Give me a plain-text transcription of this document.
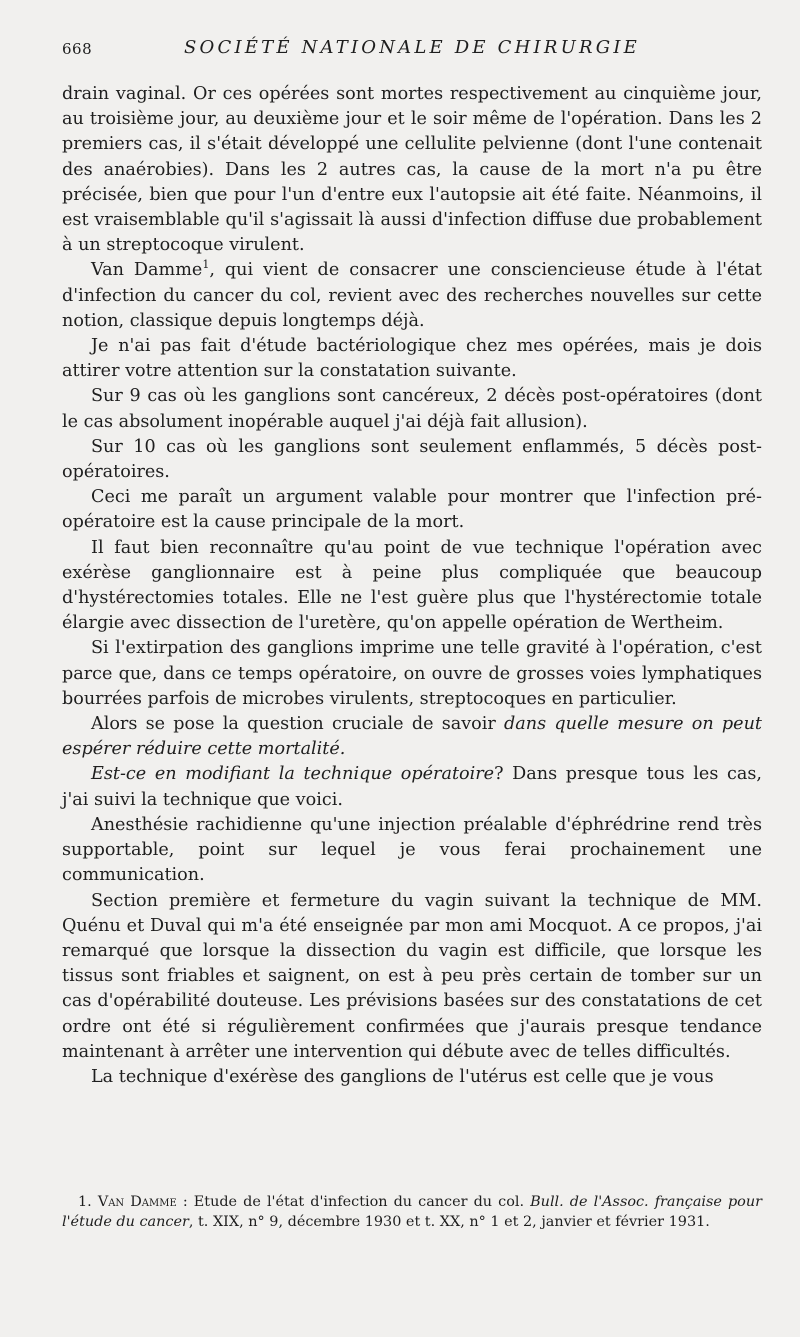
668	SOCIÉTÉ NATIONALE DE CHIRURGIE

drain vaginal. Or ces opérées sont mortes respectivement au cinquième jour, au troisième jour, au deuxième jour et le soir même de l'opération. Dans les 2 premiers cas, il s'était développé une cellulite pelvienne (dont l'une contenait des anaérobies). Dans les 2 autres cas, la cause de la mort n'a pu être précisée, bien que pour l'un d'entre eux l'autopsie ait été faite. Néanmoins, il est vraisemblable qu'il s'agissait là aussi d'infection diffuse due probablement à un streptocoque virulent.

Van Damme$^1$, qui vient de consacrer une consciencieuse étude à l'état d'infection du cancer du col, revient avec des recherches nouvelles sur cette notion, classique depuis longtemps déjà.

Je n'ai pas fait d'étude bactériologique chez mes opérées, mais je dois attirer votre attention sur la constatation suivante.

Sur 9 cas où les ganglions sont cancéreux, 2 décès post-opératoires (dont le cas absolument inopérable auquel j'ai déjà fait allusion).

Sur 10 cas où les ganglions sont seulement enflammés, 5 décès post-opératoires.

Ceci me paraît un argument valable pour montrer que l'infection pré-opératoire est la cause principale de la mort.

Il faut bien reconnaître qu'au point de vue technique l'opération avec exérèse ganglionnaire est à peine plus compliquée que beaucoup d'hystérectomies totales. Elle ne l'est guère plus que l'hystérectomie totale élargie avec dissection de l'uretère, qu'on appelle opération de Wertheim.

Si l'extirpation des ganglions imprime une telle gravité à l'opération, c'est parce que, dans ce temps opératoire, on ouvre de grosses voies lymphatiques bourrées parfois de microbes virulents, streptocoques en particulier.

Alors se pose la question cruciale de savoir dans quelle mesure on peut espérer réduire cette mortalité.

Est-ce en modifiant la technique opératoire? Dans presque tous les cas, j'ai suivi la technique que voici.

Anesthésie rachidienne qu'une injection préalable d'éphrédrine rend très supportable, point sur lequel je vous ferai prochainement une communication.

Section première et fermeture du vagin suivant la technique de MM. Quénu et Duval qui m'a été enseignée par mon ami Mocquot. A ce propos, j'ai remarqué que lorsque la dissection du vagin est difficile, que lorsque les tissus sont friables et saignent, on est à peu près certain de tomber sur un cas d'opérabilité douteuse. Les prévisions basées sur des constatations de cet ordre ont été si régulièrement confirmées que j'aurais presque tendance maintenant à arrêter une intervention qui débute avec de telles difficultés.

La technique d'exérèse des ganglions de l'utérus est celle que je vous

1. Van Damme : Etude de l'état d'infection du cancer du col. Bull. de l'Assoc. française pour l'étude du cancer, t. XIX, n° 9, décembre 1930 et t. XX, n° 1 et 2, janvier et février 1931.
